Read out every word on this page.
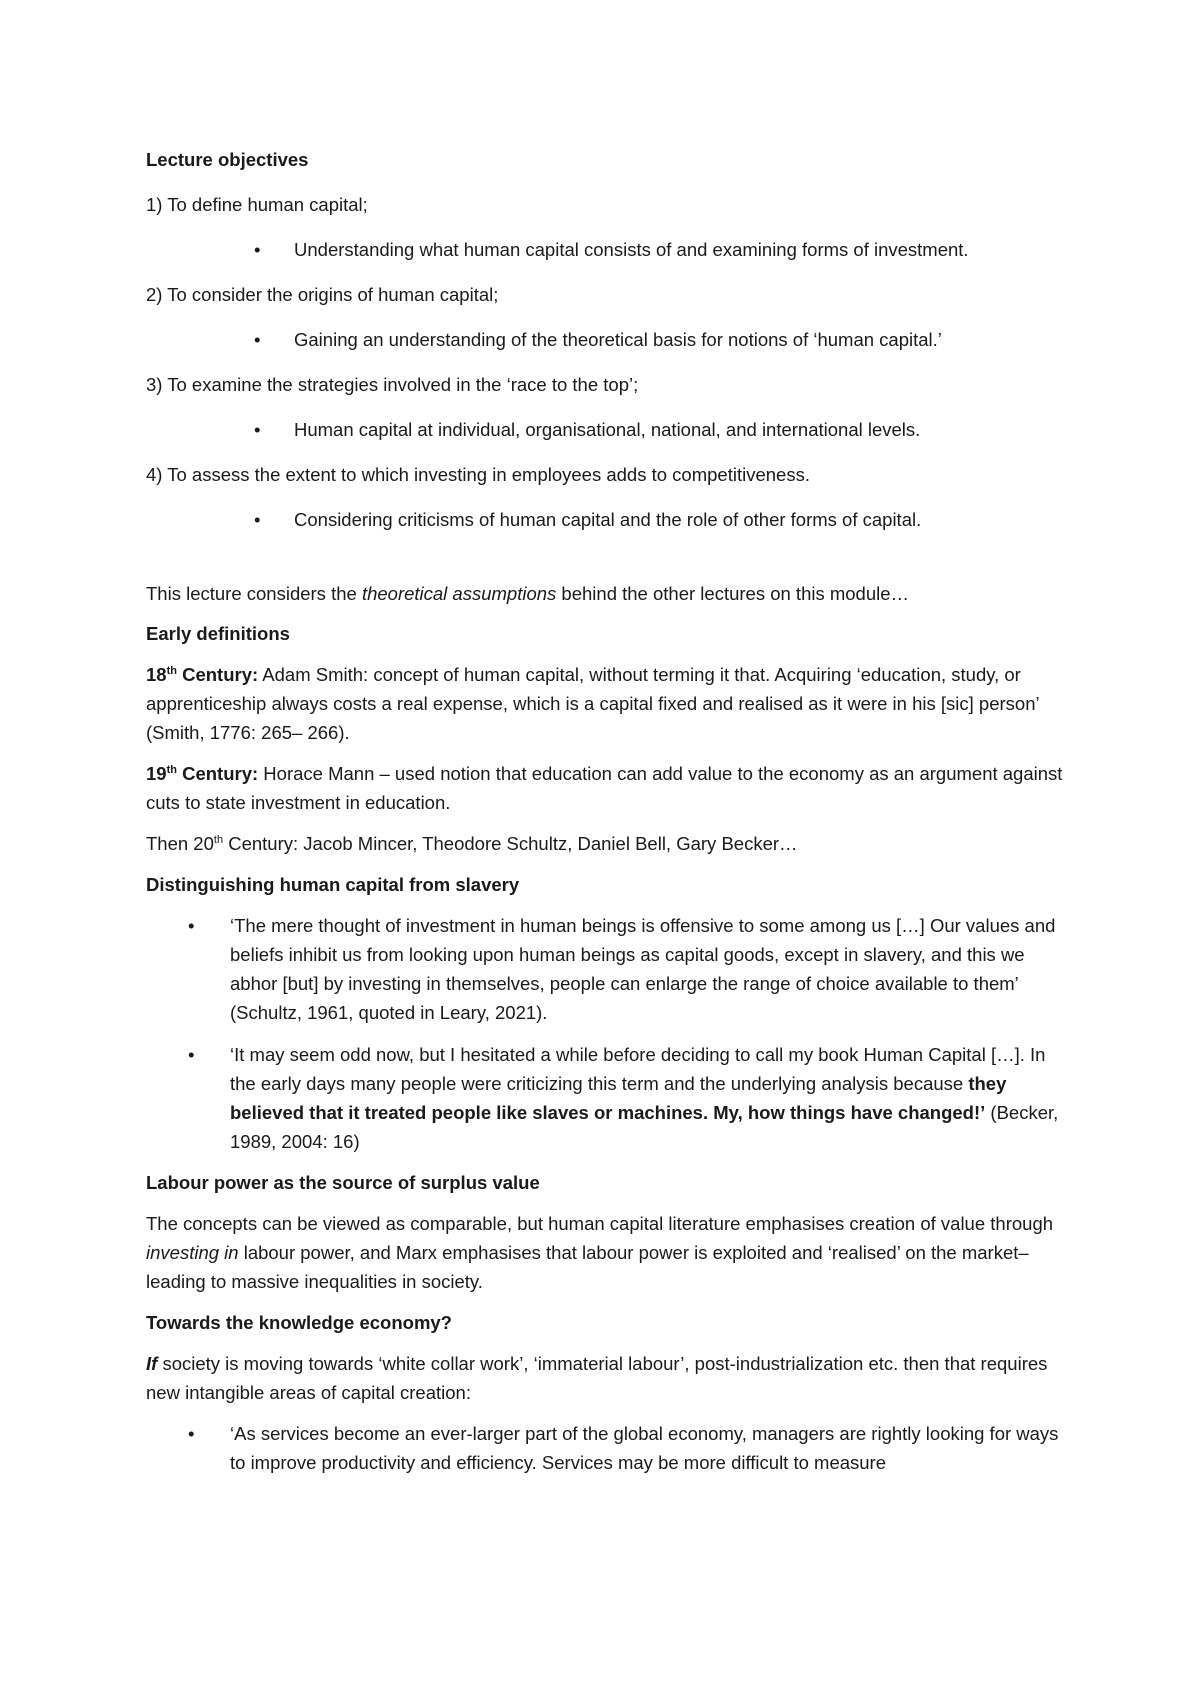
Lecture objectives

1) To define human capital;

• Understanding what human capital consists of and examining forms of investment.

2) To consider the origins of human capital;

• Gaining an understanding of the theoretical basis for notions of ‘human capital.’

3) To examine the strategies involved in the ‘race to the top’;

• Human capital at individual, organisational, national, and international levels.

4) To assess the extent to which investing in employees adds to competitiveness.

• Considering criticisms of human capital and the role of other forms of capital.

This lecture considers the theoretical assumptions behind the other lectures on this module…

Early definitions

18th Century: Adam Smith: concept of human capital, without terming it that. Acquiring ‘education, study, or apprenticeship always costs a real expense, which is a capital fixed and realised as it were in his [sic] person’ (Smith, 1776: 265– 266).

19th Century: Horace Mann – used notion that education can add value to the economy as an argument against cuts to state investment in education.

Then 20th Century: Jacob Mincer, Theodore Schultz, Daniel Bell, Gary Becker…

Distinguishing human capital from slavery

•	‘The mere thought of investment in human beings is offensive to some among us […] Our values and beliefs inhibit us from looking upon human beings as capital goods, except in slavery, and this we abhor [but] by investing in themselves, people can enlarge the range of choice available to them’ (Schultz, 1961, quoted in Leary, 2021).
•	‘It may seem odd now, but I hesitated a while before deciding to call my book Human Capital […]. In the early days many people were criticizing this term and the underlying analysis because they believed that it treated people like slaves or machines. My, how things have changed!’ (Becker, 1989, 2004: 16)

Labour power as the source of surplus value

The concepts can be viewed as comparable, but human capital literature emphasises creation of value through investing in labour power, and Marx emphasises that labour power is exploited and ‘realised’ on the market– leading to massive inequalities in society.

Towards the knowledge economy?

If society is moving towards ‘white collar work’, ‘immaterial labour’, post-industrialization etc. then that requires new intangible areas of capital creation:

•	‘As services become an ever-larger part of the global economy, managers are rightly looking for ways to improve productivity and efficiency. Services may be more difficult to measure
